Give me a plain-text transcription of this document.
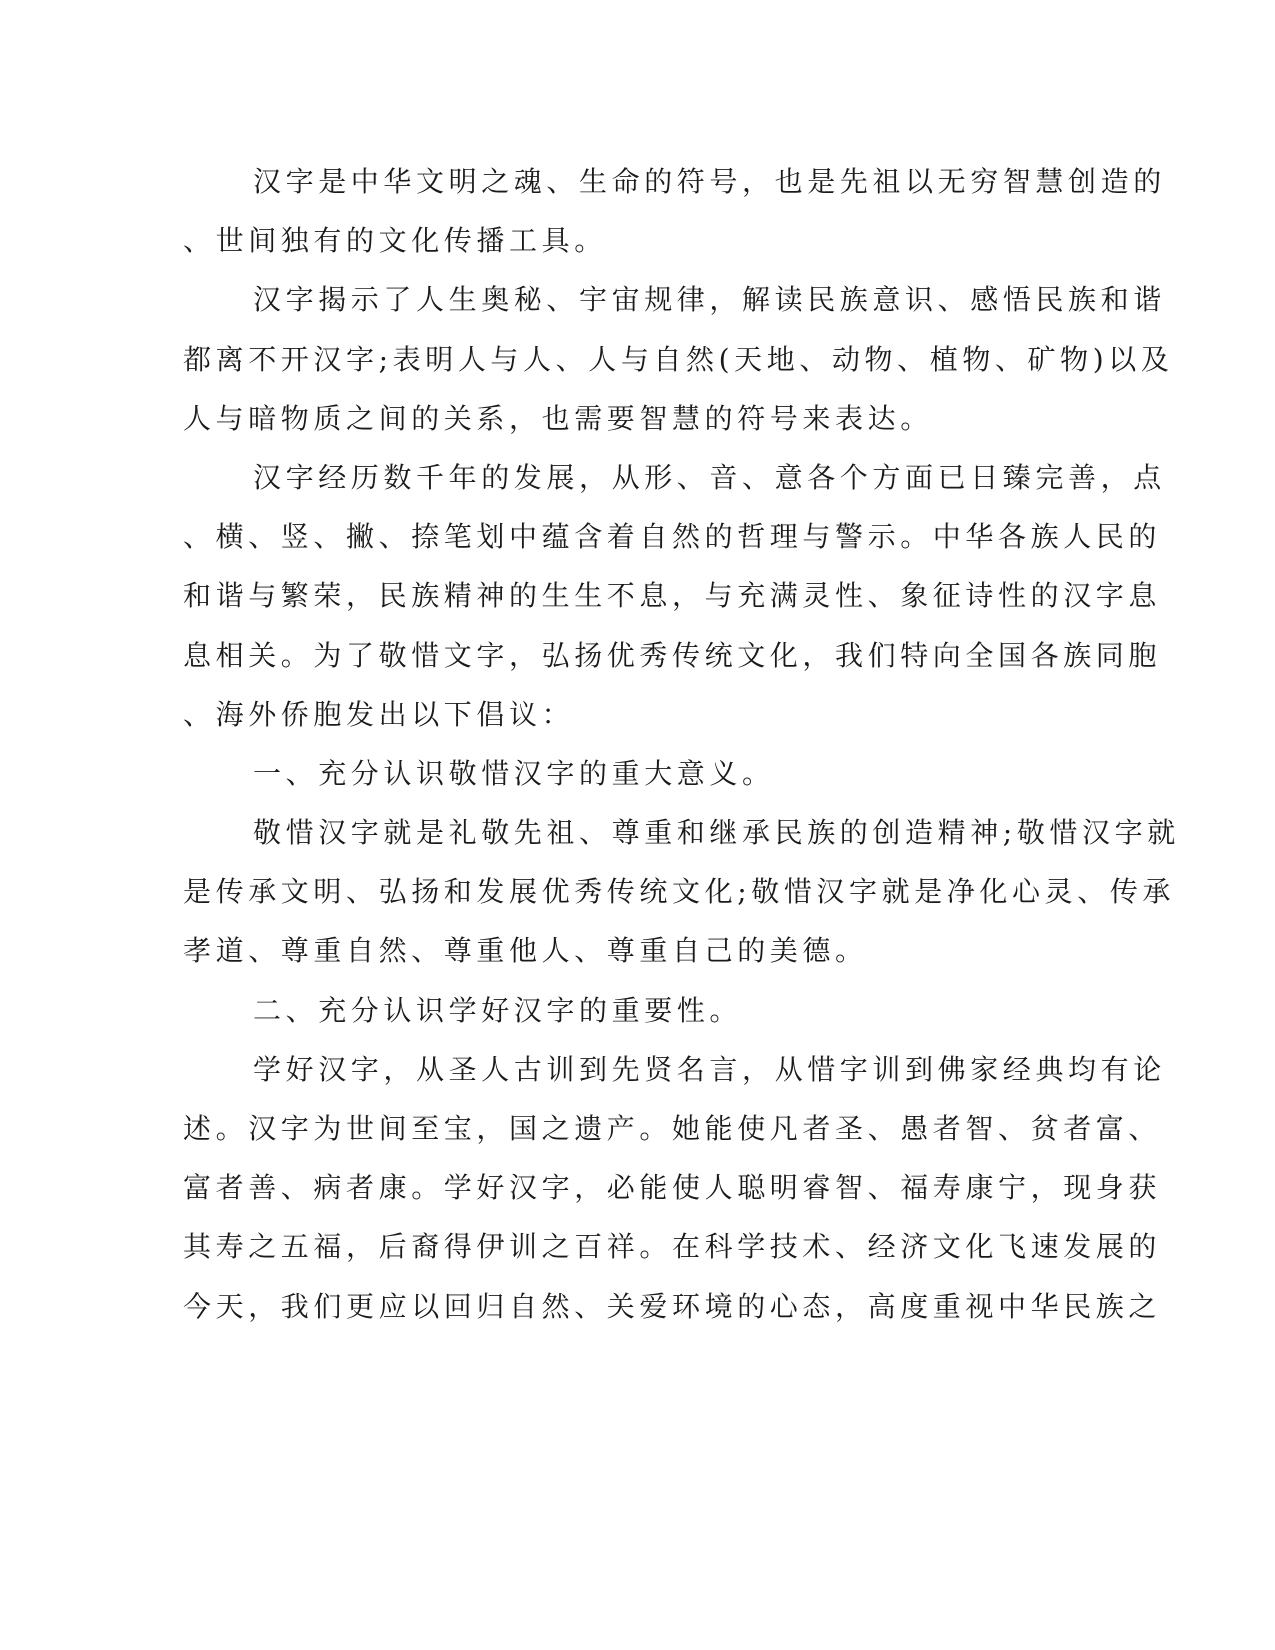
汉字是中华文明之魂、生命的符号，也是先祖以无穷智慧创造的
、世间独有的文化传播工具。
汉字揭示了人生奥秘、宇宙规律，解读民族意识、感悟民族和谐
都离不开汉字;表明人与人、人与自然(天地、动物、植物、矿物)以及
人与暗物质之间的关系，也需要智慧的符号来表达。
汉字经历数千年的发展，从形、音、意各个方面已日臻完善，点
、横、竖、撇、捺笔划中蕴含着自然的哲理与警示。中华各族人民的
和谐与繁荣，民族精神的生生不息，与充满灵性、象征诗性的汉字息
息相关。为了敬惜文字，弘扬优秀传统文化，我们特向全国各族同胞
、海外侨胞发出以下倡议：
一、充分认识敬惜汉字的重大意义。
敬惜汉字就是礼敬先祖、尊重和继承民族的创造精神;敬惜汉字就
是传承文明、弘扬和发展优秀传统文化;敬惜汉字就是净化心灵、传承
孝道、尊重自然、尊重他人、尊重自己的美德。
二、充分认识学好汉字的重要性。
学好汉字，从圣人古训到先贤名言，从惜字训到佛家经典均有论
述。汉字为世间至宝，国之遗产。她能使凡者圣、愚者智、贫者富、
富者善、病者康。学好汉字，必能使人聪明睿智、福寿康宁，现身获
其寿之五福，后裔得伊训之百祥。在科学技术、经济文化飞速发展的
今天，我们更应以回归自然、关爱环境的心态，高度重视中华民族之
